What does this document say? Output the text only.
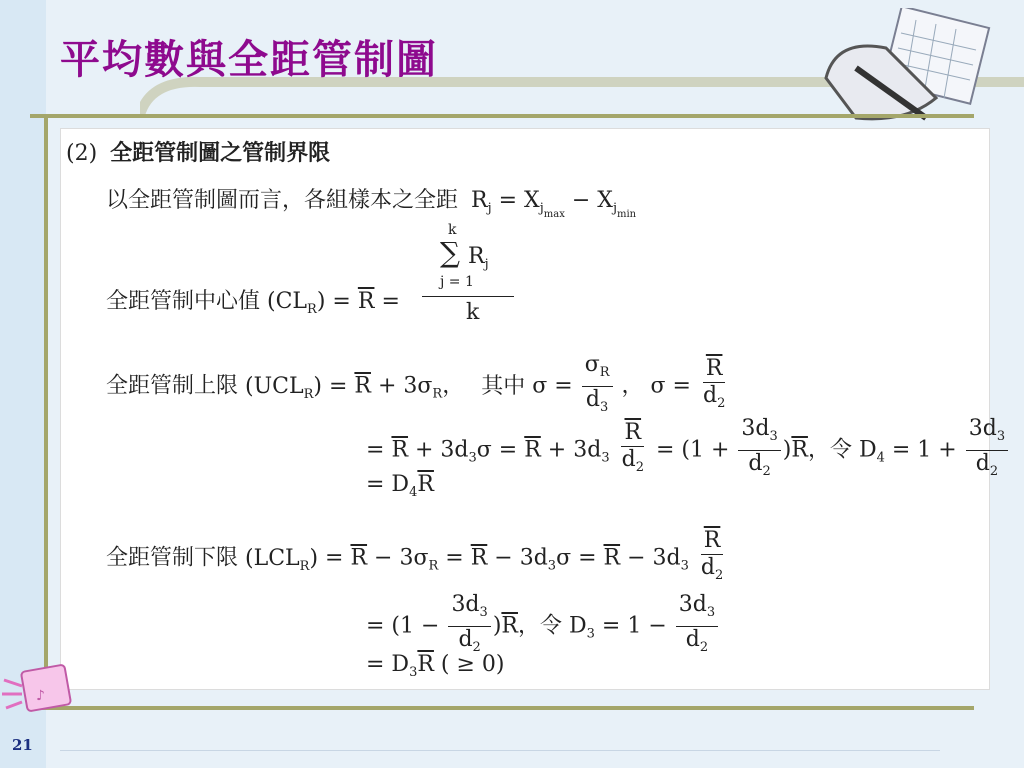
平均數與全距管制圖
(2) 全距管制圖之管制界限
以全距管制圖而言，各組樣本之全距 $R_j = X_{j_{max}} - X_{j_{min}}$
k
∑ $R_j$
j = 1
k
全距管制中心值 $(CL_R) = \overline{R}$ =
全距管制上限 $(UCL_R) = \overline{R} + 3\sigma_R$， 其中 $\sigma = \frac{\sigma_R}{d_3}$ ， $\sigma = \frac{\overline{R}}{d_2}$
= $\overline{R} + 3d_3\sigma = \overline{R} + 3d_3 \frac{\overline{R}}{d_2} = (1 + \frac{3d_3}{d_2} )\overline{R}$，令 $D_4 = 1 + \frac{3d_3}{d_2}$
= $D_4\overline{R}$
全距管制下限 $(LCL_R) = \overline{R} - 3\sigma_R = \overline{R} - 3d_3\sigma = \overline{R} - 3d_3 \frac{\overline{R}}{d_2}$
= $(1 - \frac{3d_3}{d_2} )\overline{R}$，令 $D_3 = 1 - \frac{3d_3}{d_2}$
= $D_3\overline{R}$ ( ≥ 0)
♪
21
